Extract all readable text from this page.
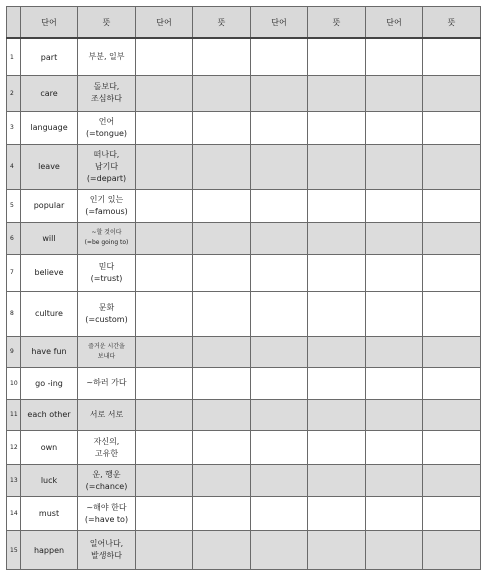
	단어	뜻	단어	뜻	단어	뜻	단어	뜻
1	part	부분, 일부						

2	care	돌보다,
조심하다						

3	language	언어
(=tongue)						

4	leave	떠나다,
남기다
(=depart)						

5	popular	인기 있는
(=famous)						

6	will	~할 것이다
(=be going to)						

7	believe	믿다
(=trust)						

8	culture	문화
(=custom)						

9	have fun	즐거운 시간을
보내다						

10	go -ing	~하러 가다						

11	each other	서로 서로						

12	own	자신의,
고유한						

13	luck	운, 행운
(=chance)						

14	must	~해야 한다
(=have to)						

15	happen	일어나다,
발생하다						
